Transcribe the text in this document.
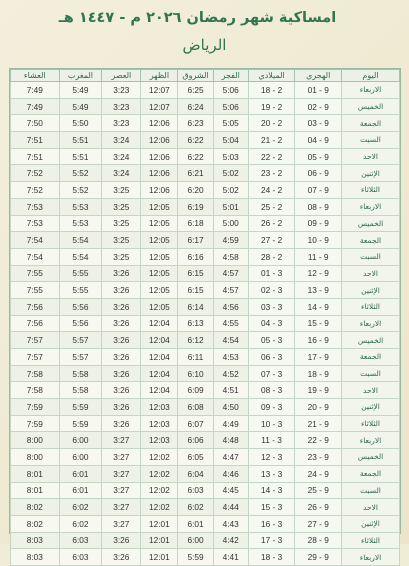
امساكية شهر رمضان ٢٠٢٦ م - ١٤٤٧ هـ
الرياض
اليوم	الهجري	الميلادي	الفجر	الشروق	الظهر	العصر	المغرب	العشاء
الاربعاء	9 - 01	2 - 18	5:06	6:25	12:07	3:23	5:49	7:49
الخميس	9 - 02	2 - 19	5:06	6:24	12:07	3:23	5:49	7:49
الجمعة	9 - 03	2 - 20	5:05	6:23	12:06	3:23	5:50	7:50
السبت	9 - 04	2 - 21	5:04	6:22	12:06	3:24	5:51	7:51
الاحد	9 - 05	2 - 22	5:03	6:22	12:06	3:24	5:51	7:51
الإثنين	9 - 06	2 - 23	5:02	6:21	12:06	3:24	5:52	7:52
الثلاثاء	9 - 07	2 - 24	5:02	6:20	12:06	3:25	5:52	7:52
الاربعاء	9 - 08	2 - 25	5:01	6:19	12:05	3:25	5:53	7:53
الخميس	9 - 09	2 - 26	5:00	6:18	12:05	3:25	5:53	7:53
الجمعة	9 - 10	2 - 27	4:59	6:17	12:05	3:25	5:54	7:54
السبت	9 - 11	2 - 28	4:58	6:16	12:05	3:25	5:54	7:54
الاحد	9 - 12	3 - 01	4:57	6:15	12:05	3:26	5:55	7:55
الإثنين	9 - 13	3 - 02	4:57	6:15	12:05	3:26	5:55	7:55
الثلاثاء	9 - 14	3 - 03	4:56	6:14	12:05	3:26	5:56	7:56
الاربعاء	9 - 15	3 - 04	4:55	6:13	12:04	3:26	5:56	7:56
الخميس	9 - 16	3 - 05	4:54	6:12	12:04	3:26	5:57	7:57
الجمعة	9 - 17	3 - 06	4:53	6:11	12:04	3:26	5:57	7:57
السبت	9 - 18	3 - 07	4:52	6:10	12:04	3:26	5:58	7:58
الاحد	9 - 19	3 - 08	4:51	6:09	12:04	3:26	5:58	7:58
الإثنين	9 - 20	3 - 09	4:50	6:08	12:03	3:26	5:59	7:59
الثلاثاء	9 - 21	3 - 10	4:49	6:07	12:03	3:26	5:59	7:59
الاربعاء	9 - 22	3 - 11	4:48	6:06	12:03	3:27	6:00	8:00
الخميس	9 - 23	3 - 12	4:47	6:05	12:02	3:27	6:00	8:00
الجمعة	9 - 24	3 - 13	4:46	6:04	12:02	3:27	6:01	8:01
السبت	9 - 25	3 - 14	4:45	6:03	12:02	3:27	6:01	8:01
الاحد	9 - 26	3 - 15	4:44	6:02	12:02	3:27	6:02	8:02
الإثنين	9 - 27	3 - 16	4:43	6:01	12:01	3:27	6:02	8:02
الثلاثاء	9 - 28	3 - 17	4:42	6:00	12:01	3:26	6:03	8:03
الاربعاء	9 - 29	3 - 18	4:41	5:59	12:01	3:26	6:03	8:03
